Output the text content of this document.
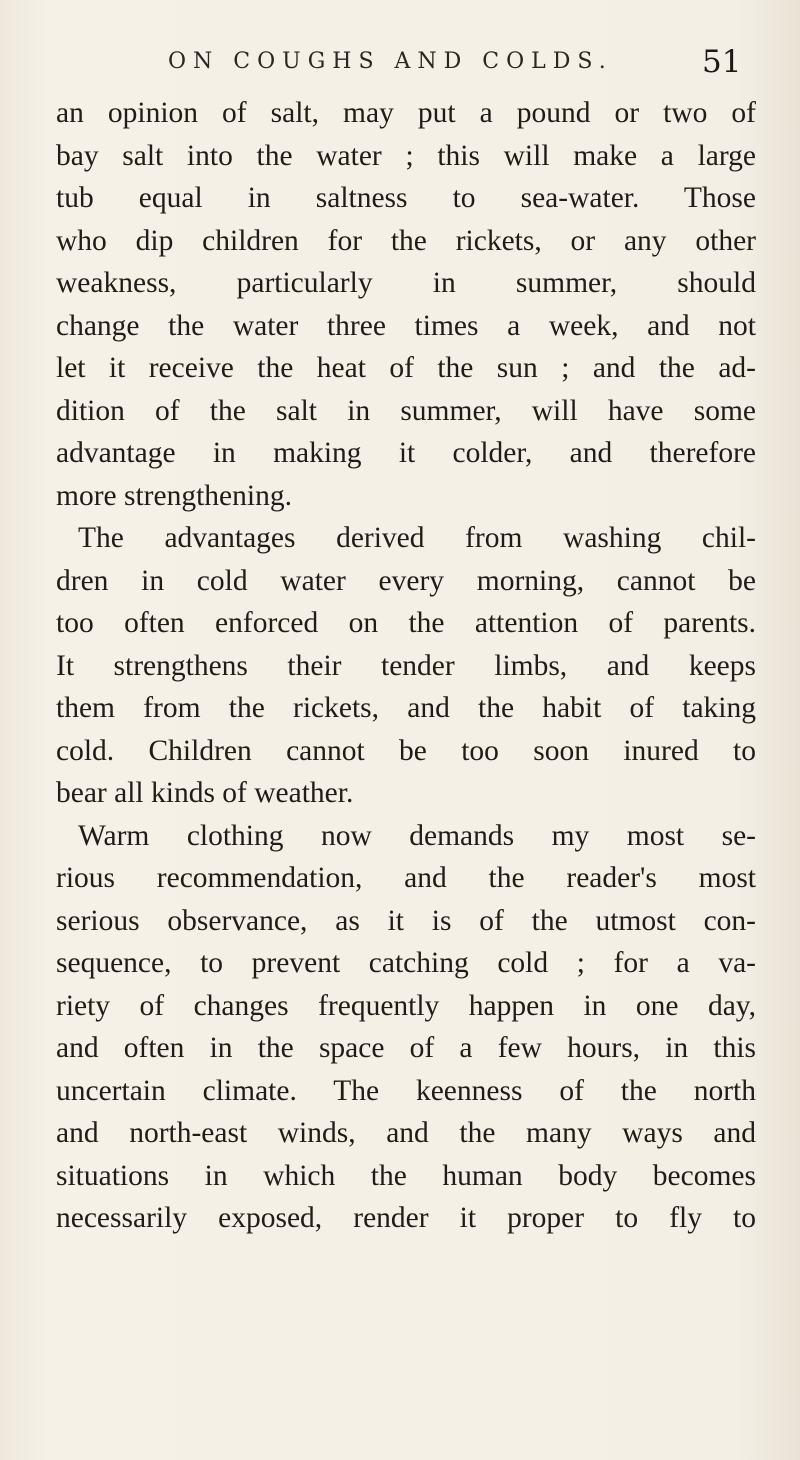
ON COUGHS AND COLDS.	51
an opinion of salt, may put a pound or two of
bay salt into the water ; this will make a large
tub equal in saltness to sea-water. Those
who dip children for the rickets, or any other
weakness, particularly in summer, should
change the water three times a week, and not
let it receive the heat of the sun ; and the ad-
dition of the salt in summer, will have some
advantage in making it colder, and therefore
more strengthening.
The advantages derived from washing chil-
dren in cold water every morning, cannot be
too often enforced on the attention of parents.
It strengthens their tender limbs, and keeps
them from the rickets, and the habit of taking
cold. Children cannot be too soon inured to
bear all kinds of weather.
Warm clothing now demands my most se-
rious recommendation, and the reader's most
serious observance, as it is of the utmost con-
sequence, to prevent catching cold ; for a va-
riety of changes frequently happen in one day,
and often in the space of a few hours, in this
uncertain climate. The keenness of the north
and north-east winds, and the many ways and
situations in which the human body becomes
necessarily exposed, render it proper to fly to
